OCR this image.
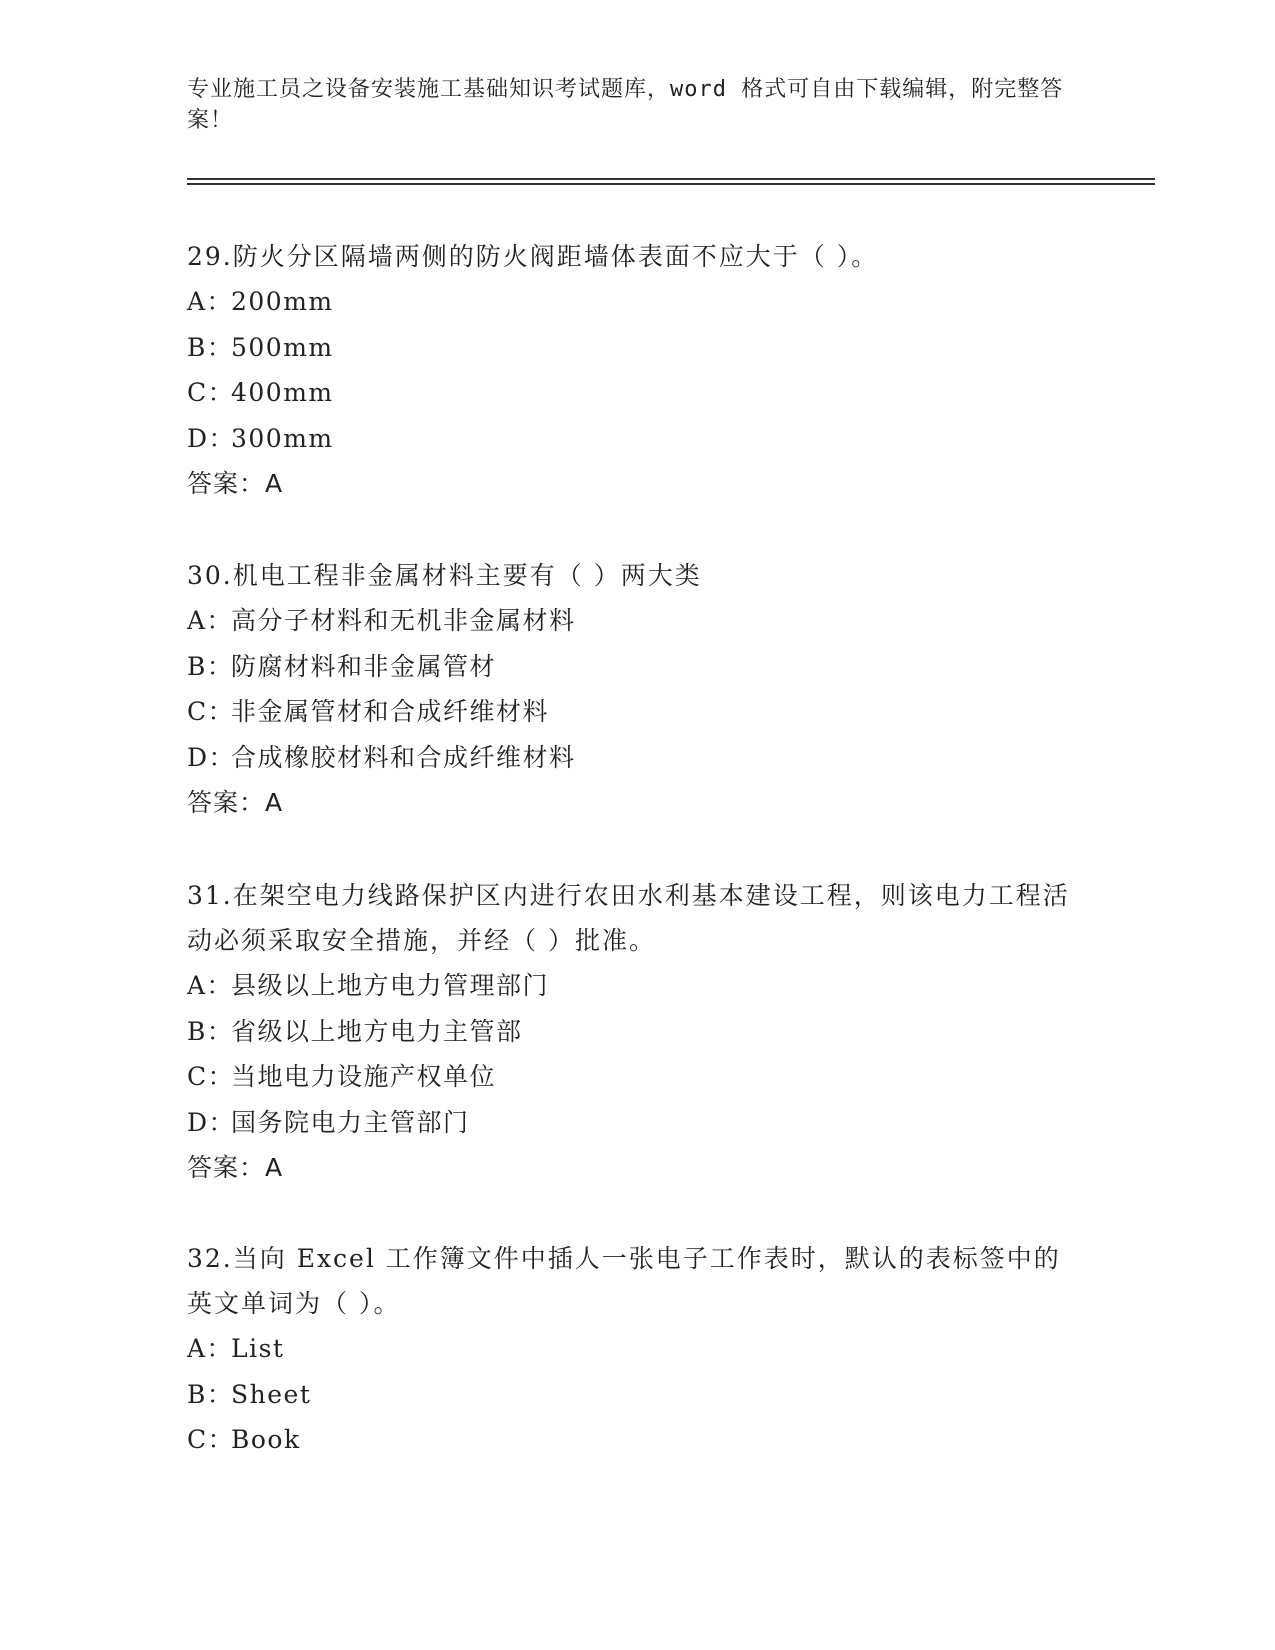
专业施工员之设备安装施工基础知识考试题库，word 格式可自由下载编辑，附完整答案！
29.防火分区隔墙两侧的防火阀距墙体表面不应大于（ ）。
A：200mm
B：500mm
C：400mm
D：300mm
答案：A
30.机电工程非金属材料主要有（ ）两大类
A：高分子材料和无机非金属材料
B：防腐材料和非金属管材
C：非金属管材和合成纤维材料
D：合成橡胶材料和合成纤维材料
答案：A
31.在架空电力线路保护区内进行农田水利基本建设工程，则该电力工程活动必须采取安全措施，并经（ ）批准。
A：县级以上地方电力管理部门
B：省级以上地方电力主管部
C：当地电力设施产权单位
D：国务院电力主管部门
答案：A
32.当向 Excel 工作簿文件中插人一张电子工作表时，默认的表标签中的英文单词为（ ）。
A：List
B：Sheet
C：Book
